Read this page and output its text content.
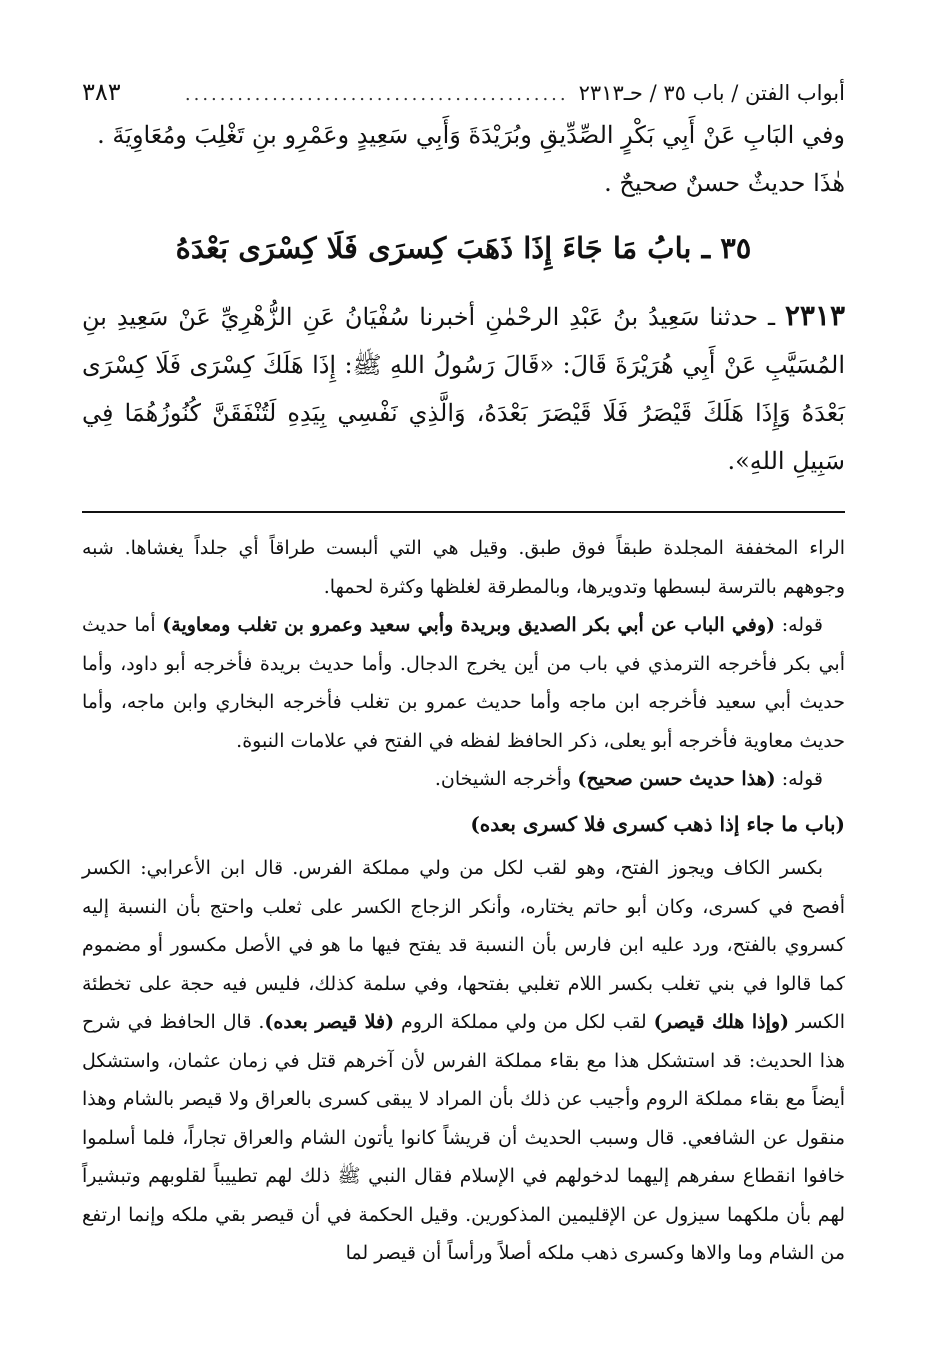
أبواب الفتن / باب ٣٥ / حـ٢٣١٣
............................................
٣٨٣

وفي البَابِ عَنْ أَبِي بَكْرٍ الصِّدِّيقِ وبُرَيْدَةَ وَأَبِي سَعِيدٍ وعَمْرِو بنِ تَغْلِبَ ومُعَاوِيَةَ .

هٰذَا حديثٌ حسنٌ صحيحٌ .

٣٥ ـ بابُ مَا جَاءَ إِذَا ذَهَبَ كِسرَى فَلَا كِسْرَى بَعْدَهُ

٢٣١٣ ـ حدثنا سَعِيدُ بنُ عَبْدِ الرحْمٰنِ أخبرنا سُفْيَانُ عَنِ الزُّهْرِيِّ عَنْ سَعِيدِ بنِ المُسَيَّبِ عَنْ أَبِي هُرَيْرَةَ قَالَ: «قَالَ رَسُولُ اللهِ ﷺ: إِذَا هَلَكَ كِسْرَى فَلَا كِسْرَى بَعْدَهُ وَإِذَا هَلَكَ قَيْصَرُ فَلَا قَيْصَرَ بَعْدَهُ، وَالَّذِي نَفْسِي بِيَدِهِ لَتُنْفَقَنَّ كُنُوزُهُمَا فِي سَبِيلِ اللهِ».

الراء المخففة المجلدة طبقاً فوق طبق. وقيل هي التي ألبست طراقاً أي جلداً يغشاها. شبه وجوههم بالترسة لبسطها وتدويرها، وبالمطرقة لغلظها وكثرة لحمها.

قوله: (وفي الباب عن أبي بكر الصديق وبريدة وأبي سعيد وعمرو بن تغلب ومعاوية) أما حديث أبي بكر فأخرجه الترمذي في باب من أين يخرج الدجال. وأما حديث بريدة فأخرجه أبو داود، وأما حديث أبي سعيد فأخرجه ابن ماجه وأما حديث عمرو بن تغلب فأخرجه البخاري وابن ماجه، وأما حديث معاوية فأخرجه أبو يعلى، ذكر الحافظ لفظه في الفتح في علامات النبوة.

قوله: (هذا حديث حسن صحيح) وأخرجه الشيخان.

(باب ما جاء إذا ذهب كسرى فلا كسرى بعده)

بكسر الكاف ويجوز الفتح، وهو لقب لكل من ولي مملكة الفرس. قال ابن الأعرابي: الكسر أفصح في كسرى، وكان أبو حاتم يختاره، وأنكر الزجاج الكسر على ثعلب واحتج بأن النسبة إليه كسروي بالفتح، ورد عليه ابن فارس بأن النسبة قد يفتح فيها ما هو في الأصل مكسور أو مضموم كما قالوا في بني تغلب بكسر اللام تغلبي بفتحها، وفي سلمة كذلك، فليس فيه حجة على تخطئة الكسر (وإذا هلك قيصر) لقب لكل من ولي مملكة الروم (فلا قيصر بعده). قال الحافظ في شرح هذا الحديث: قد استشكل هذا مع بقاء مملكة الفرس لأن آخرهم قتل في زمان عثمان، واستشكل أيضاً مع بقاء مملكة الروم وأجيب عن ذلك بأن المراد لا يبقى كسرى بالعراق ولا قيصر بالشام وهذا منقول عن الشافعي. قال وسبب الحديث أن قريشاً كانوا يأتون الشام والعراق تجاراً، فلما أسلموا خافوا انقطاع سفرهم إليهما لدخولهم في الإسلام فقال النبي ﷺ ذلك لهم تطييباً لقلوبهم وتبشيراً لهم بأن ملكهما سيزول عن الإقليمين المذكورين. وقيل الحكمة في أن قيصر بقي ملكه وإنما ارتفع من الشام وما والاها وكسرى ذهب ملكه أصلاً ورأساً أن قيصر لما
